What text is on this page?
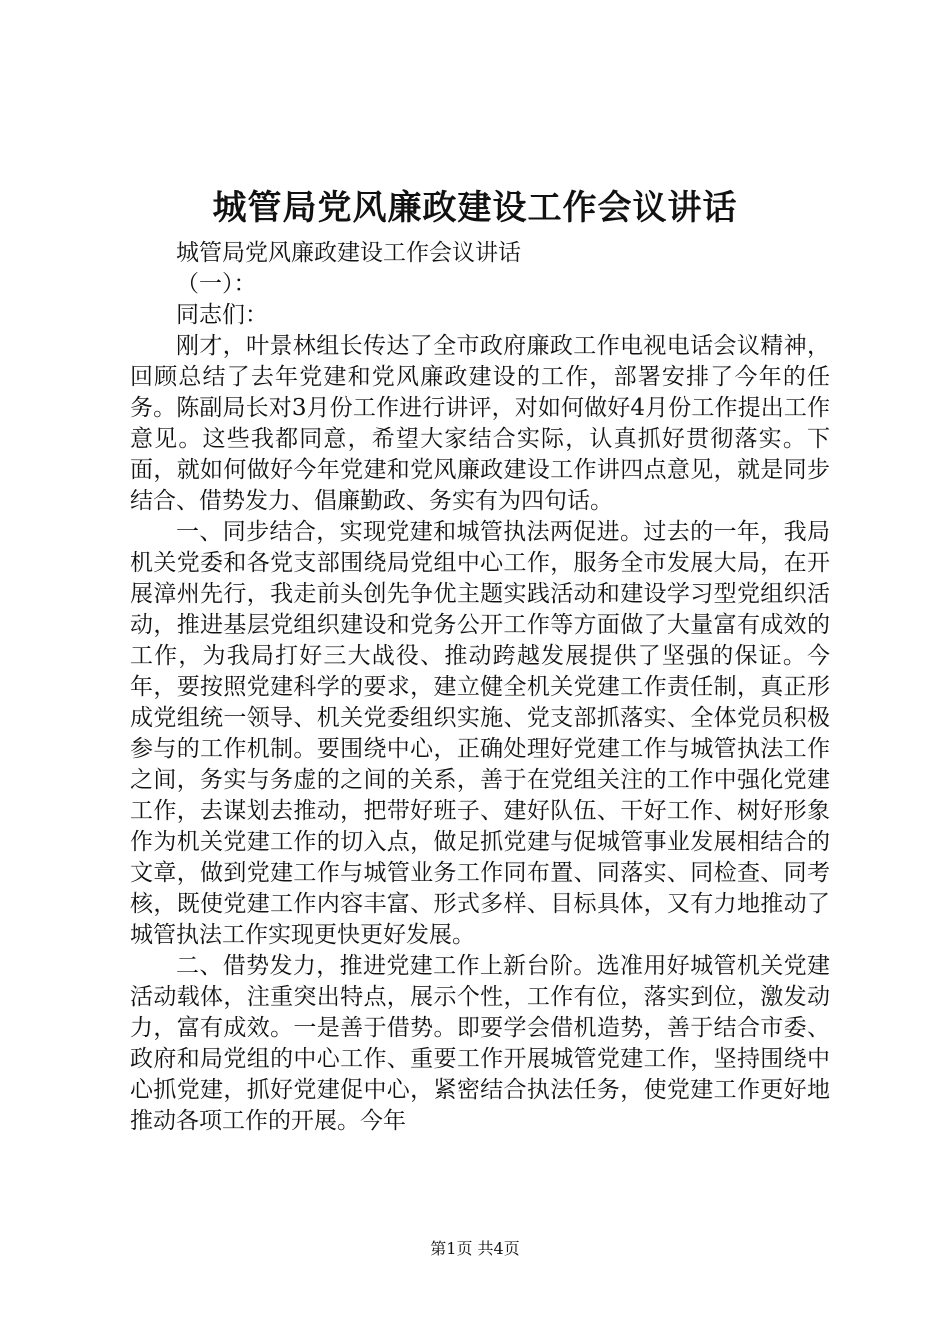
城管局党风廉政建设工作会议讲话

城管局党风廉政建设工作会议讲话

（一）：

同志们：

刚才，叶景林组长传达了全市政府廉政工作电视电话会议精神，回顾总结了去年党建和党风廉政建设的工作，部署安排了今年的任务。陈副局长对3月份工作进行讲评，对如何做好4月份工作提出工作意见。这些我都同意，希望大家结合实际，认真抓好贯彻落实。下面，就如何做好今年党建和党风廉政建设工作讲四点意见，就是同步结合、借势发力、倡廉勤政、务实有为四句话。

一、同步结合，实现党建和城管执法两促进。过去的一年，我局机关党委和各党支部围绕局党组中心工作，服务全市发展大局，在开展漳州先行，我走前头创先争优主题实践活动和建设学习型党组织活动，推进基层党组织建设和党务公开工作等方面做了大量富有成效的工作，为我局打好三大战役、推动跨越发展提供了坚强的保证。今年，要按照党建科学的要求，建立健全机关党建工作责任制，真正形成党组统一领导、机关党委组织实施、党支部抓落实、全体党员积极参与的工作机制。要围绕中心，正确处理好党建工作与城管执法工作之间，务实与务虚的之间的关系，善于在党组关注的工作中强化党建工作，去谋划去推动，把带好班子、建好队伍、干好工作、树好形象作为机关党建工作的切入点，做足抓党建与促城管事业发展相结合的文章，做到党建工作与城管业务工作同布置、同落实、同检查、同考核，既使党建工作内容丰富、形式多样、目标具体，又有力地推动了城管执法工作实现更快更好发展。

二、借势发力，推进党建工作上新台阶。选准用好城管机关党建活动载体，注重突出特点，展示个性，工作有位，落实到位，激发动力，富有成效。一是善于借势。即要学会借机造势，善于结合市委、政府和局党组的中心工作、重要工作开展城管党建工作，坚持围绕中心抓党建，抓好党建促中心，紧密结合执法任务，使党建工作更好地推动各项工作的开展。今年

第1页 共4页
